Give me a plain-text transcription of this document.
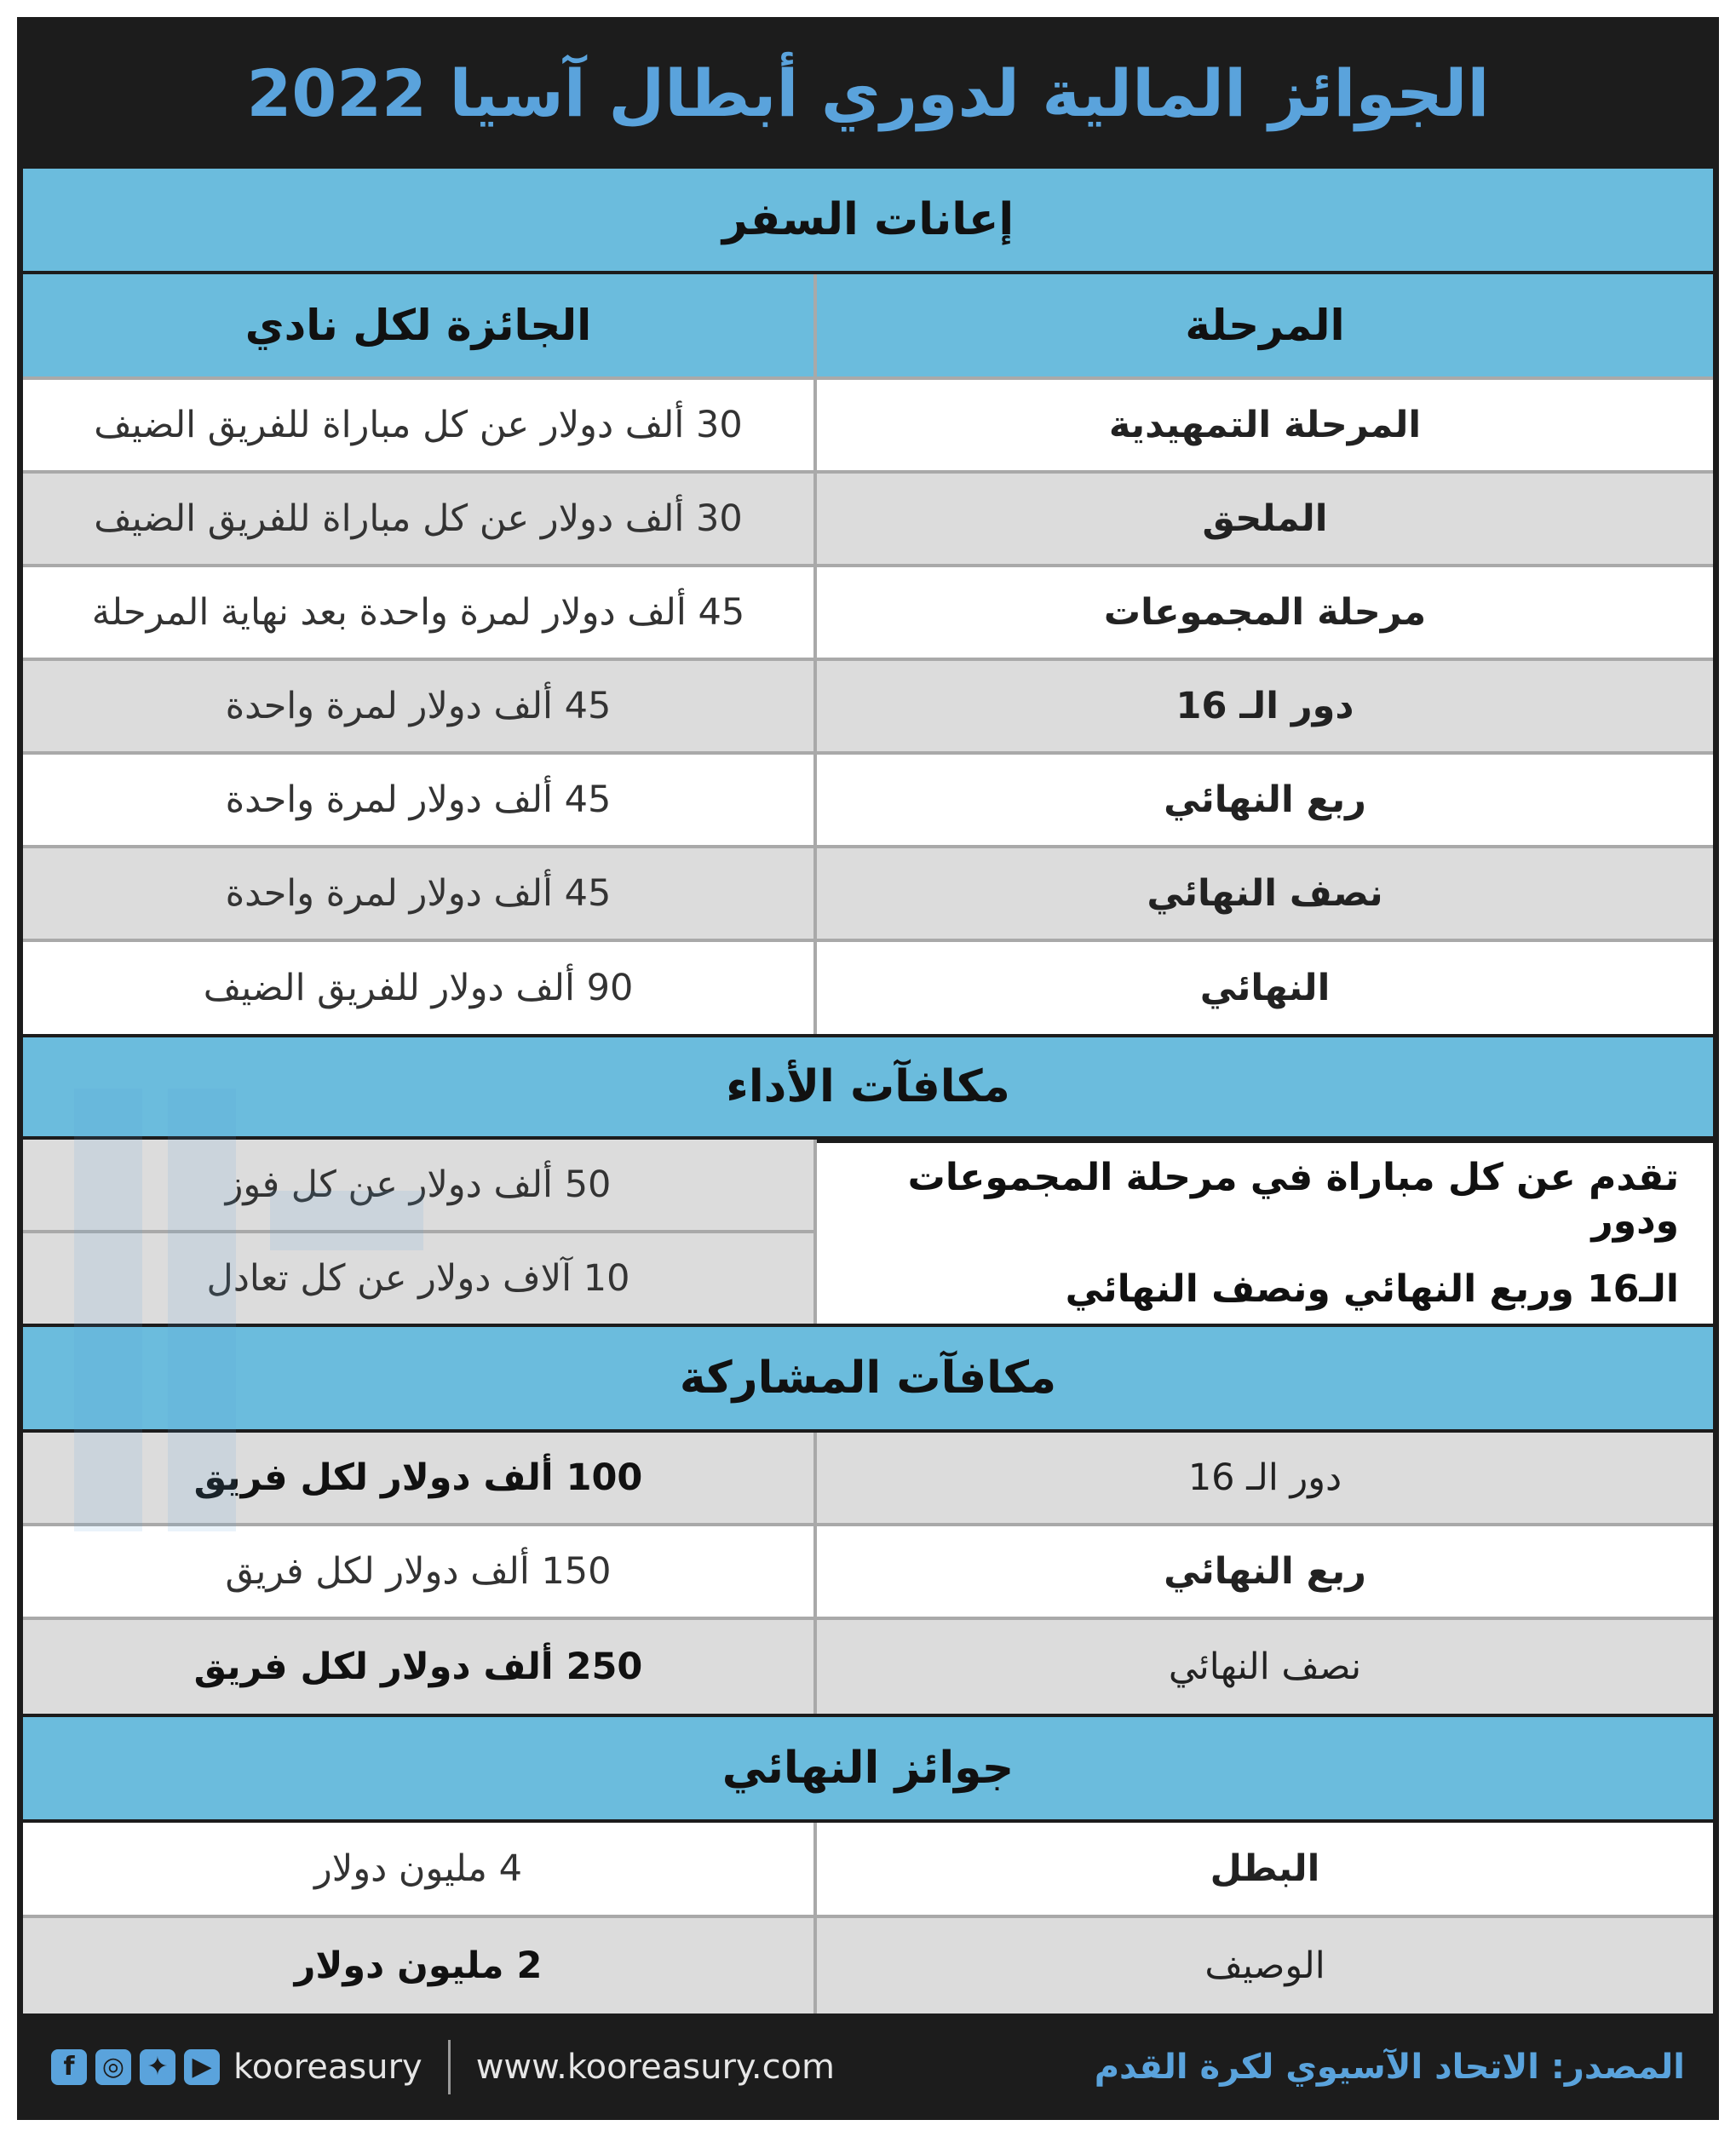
الجوائز المالية لدوري أبطال آسيا 2022
إعانات السفر
المرحلة
الجائزة لكل نادي
المرحلة التمهيدية
30 ألف دولار عن كل مباراة للفريق الضيف
الملحق
30 ألف دولار عن كل مباراة للفريق الضيف
مرحلة المجموعات
45 ألف دولار لمرة واحدة بعد نهاية المرحلة
دور الـ 16
45 ألف دولار لمرة واحدة
ربع النهائي
45 ألف دولار لمرة واحدة
نصف النهائي
45 ألف دولار لمرة واحدة
النهائي
90 ألف دولار للفريق الضيف
مكافآت الأداء
تقدم عن كل مباراة في مرحلة المجموعات ودور
الـ16 وربع النهائي ونصف النهائي
50 ألف دولار عن كل فوز
10 آلاف دولار عن كل تعادل
مكافآت المشاركة
دور الـ 16
100 ألف دولار لكل فريق
ربع النهائي
150 ألف دولار لكل فريق
نصف النهائي
250 ألف دولار لكل فريق
جوائز النهائي
البطل
4 مليون دولار
الوصيف
2 مليون دولار
f	◎ ✦ ▶ kooreasury www.kooreasury.com	المصدر: الاتحاد الآسيوي لكرة القدم
